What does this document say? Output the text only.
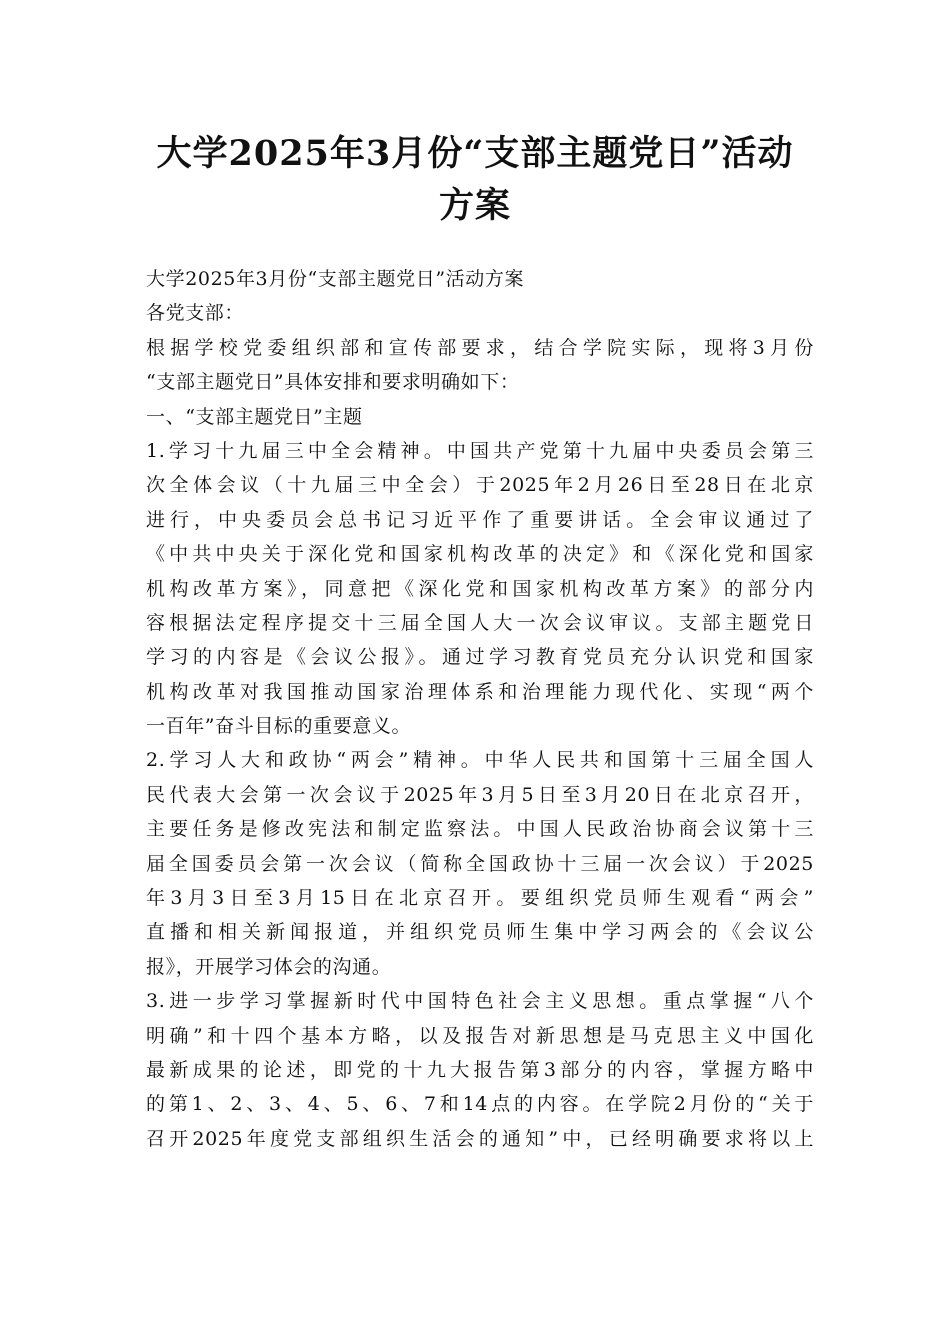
大学2025年3月份“支部主题党日”活动
方案
大学2025年3月份“支部主题党日”活动方案
各党支部：
根据学校党委组织部和宣传部要求，结合学院实际，现将3月份
“支部主题党日”具体安排和要求明确如下：
一、“支部主题党日”主题
1.学习十九届三中全会精神。中国共产党第十九届中央委员会第三
次全体会议（十九届三中全会）于2025年2月26日至28日在北京
进行，中央委员会总书记习近平作了重要讲话。全会审议通过了
《中共中央关于深化党和国家机构改革的决定》和《深化党和国家
机构改革方案》，同意把《深化党和国家机构改革方案》的部分内
容根据法定程序提交十三届全国人大一次会议审议。支部主题党日
学习的内容是《会议公报》。通过学习教育党员充分认识党和国家
机构改革对我国推动国家治理体系和治理能力现代化、实现“两个
一百年”奋斗目标的重要意义。
2.学习人大和政协“两会”精神。中华人民共和国第十三届全国人
民代表大会第一次会议于2025年3月5日至3月20日在北京召开，
主要任务是修改宪法和制定监察法。中国人民政治协商会议第十三
届全国委员会第一次会议（简称全国政协十三届一次会议）于2025
年3月3日至3月15日在北京召开。要组织党员师生观看“两会”
直播和相关新闻报道，并组织党员师生集中学习两会的《会议公
报》，开展学习体会的沟通。
3.进一步学习掌握新时代中国特色社会主义思想。重点掌握“八个
明确”和十四个基本方略，以及报告对新思想是马克思主义中国化
最新成果的论述，即党的十九大报告第3部分的内容，掌握方略中
的第1、2、3、4、5、6、7和14点的内容。在学院2月份的“关于
召开2025年度党支部组织生活会的通知”中，已经明确要求将以上
